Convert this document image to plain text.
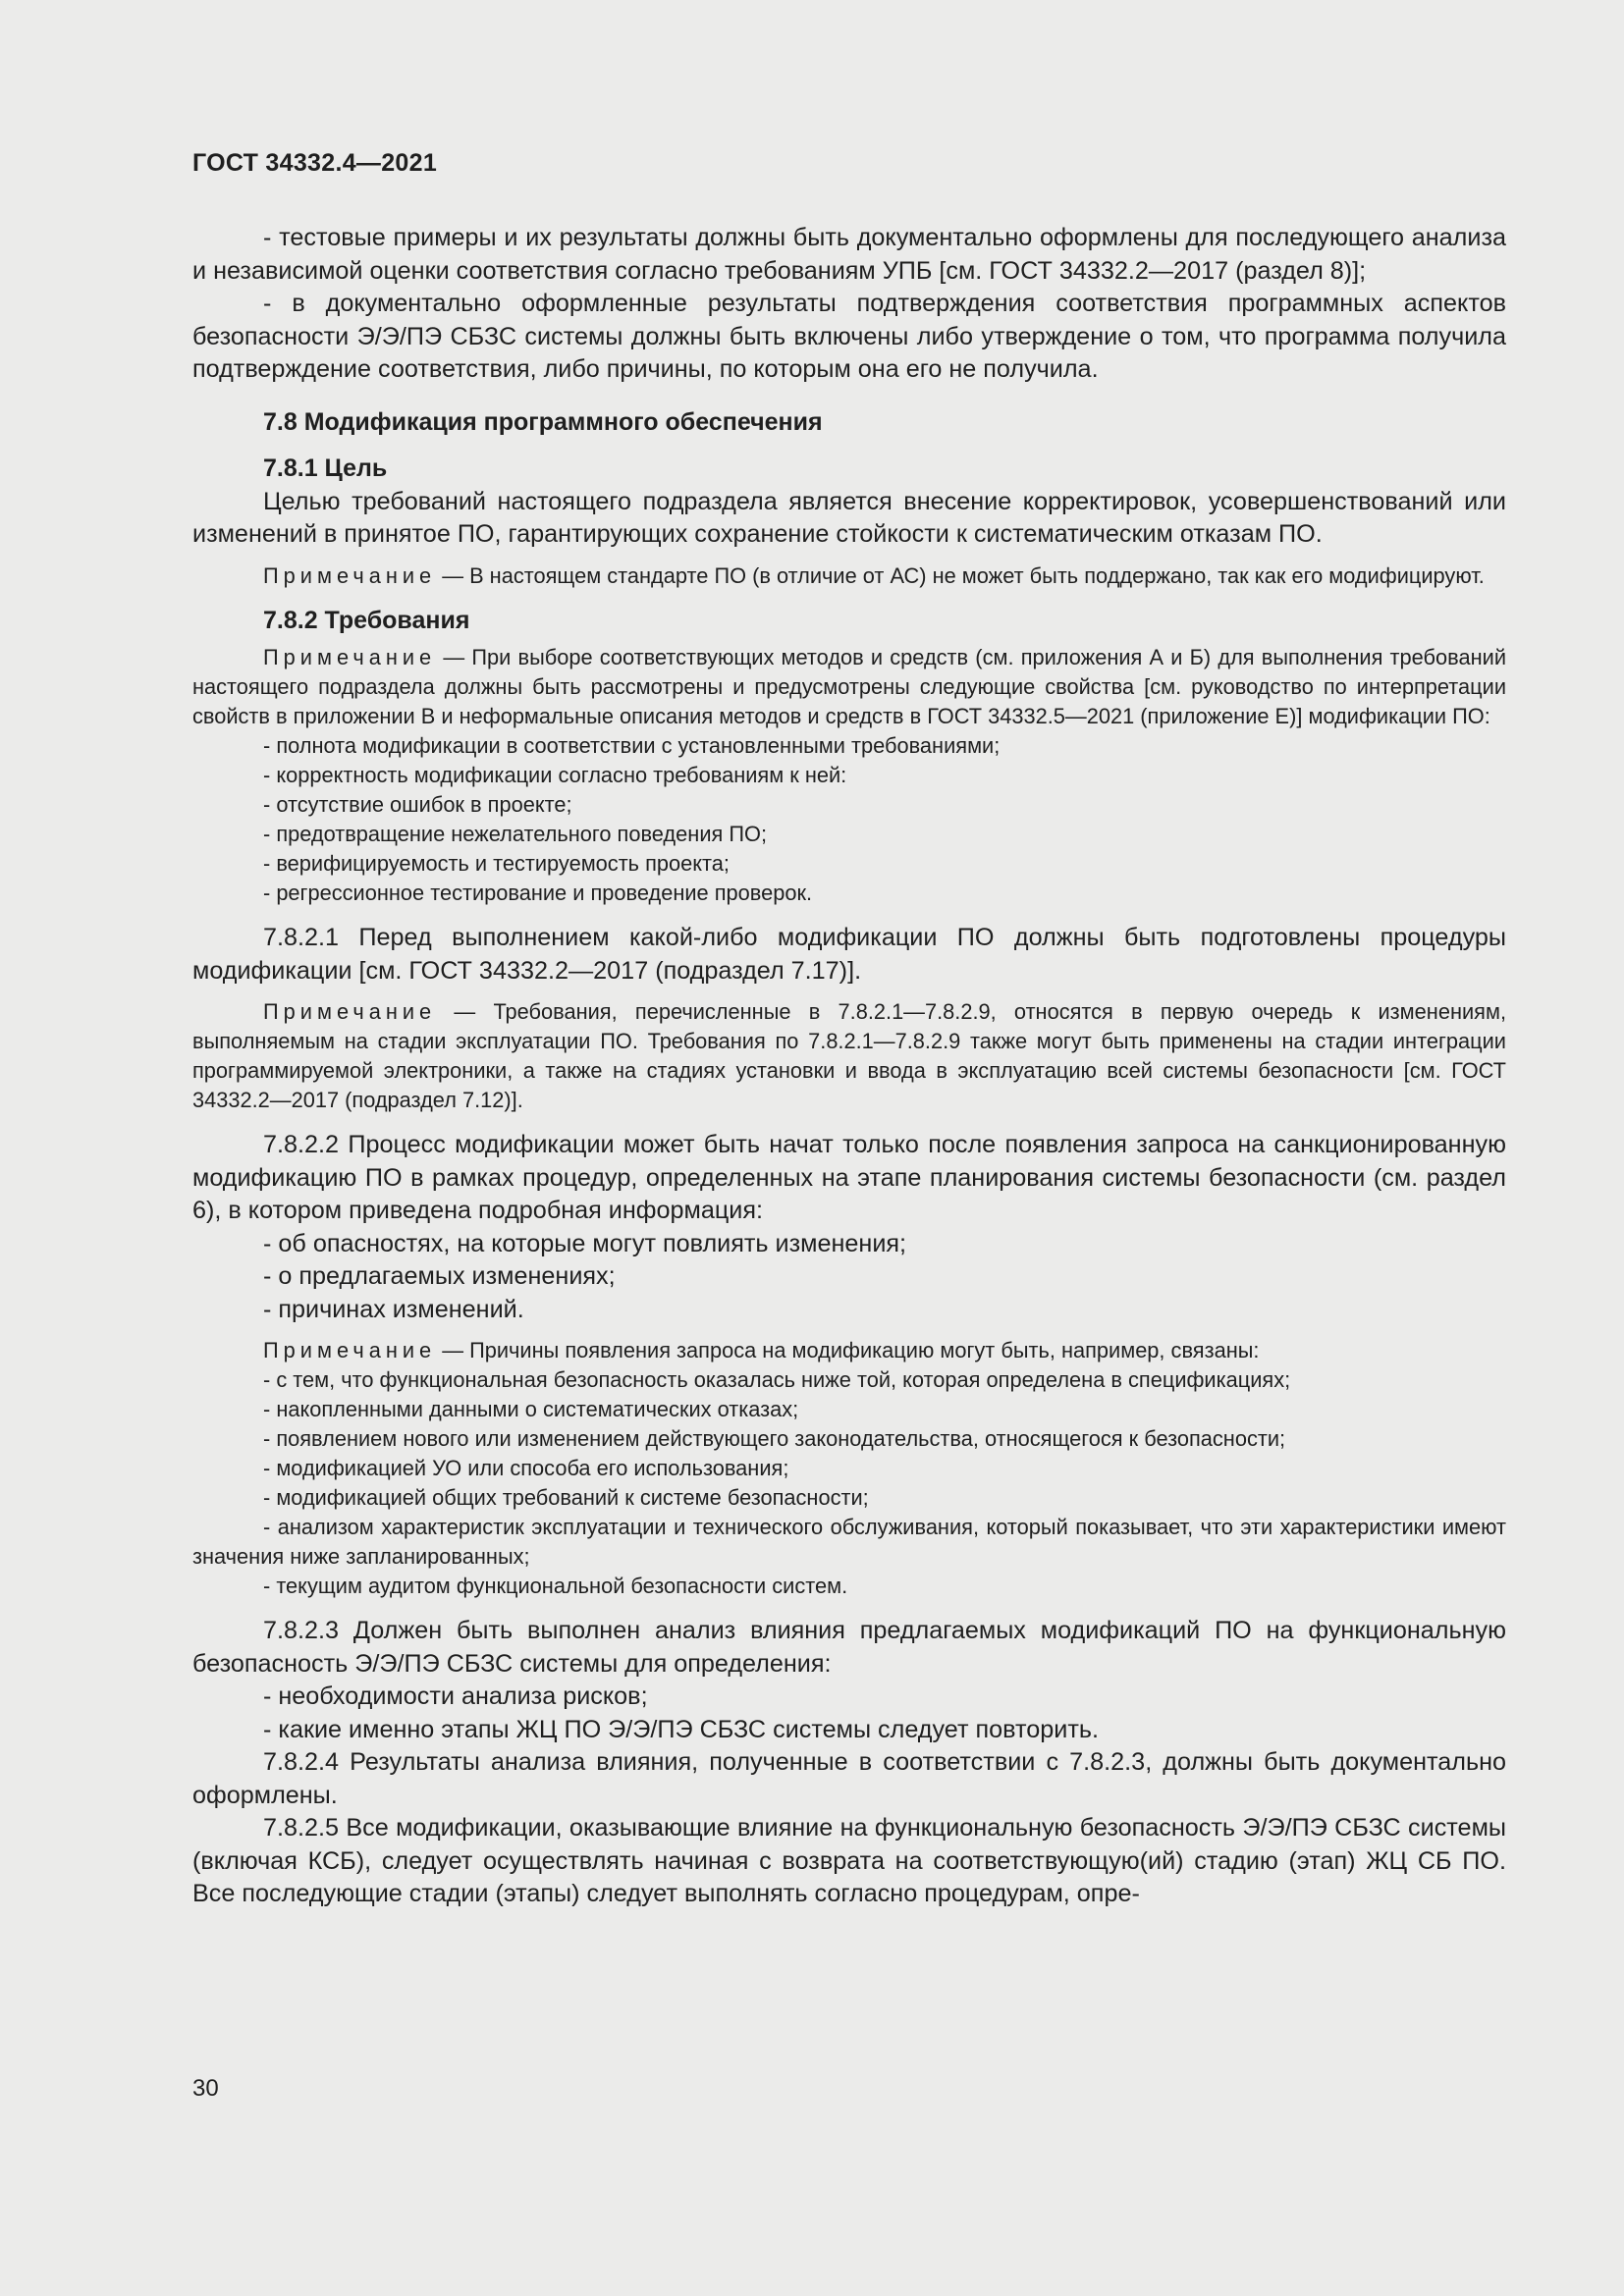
ГОСТ 34332.4—2021

- тестовые примеры и их результаты должны быть документально оформлены для последующего анализа и независимой оценки соответствия согласно требованиям УПБ [см. ГОСТ 34332.2—2017 (раздел 8)];

- в документально оформленные результаты подтверждения соответствия программных аспектов безопасности Э/Э/ПЭ СБЗС системы должны быть включены либо утверждение о том, что программа получила подтверждение соответствия, либо причины, по которым она его не получила.

7.8 Модификация программного обеспечения

7.8.1 Цель

Целью требований настоящего подраздела является внесение корректировок, усовершенствований или изменений в принятое ПО, гарантирующих сохранение стойкости к систематическим отказам ПО.

Примечание — В настоящем стандарте ПО (в отличие от АС) не может быть поддержано, так как его модифицируют.

7.8.2 Требования

Примечание — При выборе соответствующих методов и средств (см. приложения А и Б) для выполнения требований настоящего подраздела должны быть рассмотрены и предусмотрены следующие свойства [см. руководство по интерпретации свойств в приложении В и неформальные описания методов и средств в ГОСТ 34332.5—2021 (приложение Е)] модификации ПО:

- полнота модификации в соответствии с установленными требованиями;

- корректность модификации согласно требованиям к ней:

- отсутствие ошибок в проекте;

- предотвращение нежелательного поведения ПО;

- верифицируемость и тестируемость проекта;

- регрессионное тестирование и проведение проверок.

7.8.2.1 Перед выполнением какой-либо модификации ПО должны быть подготовлены процедуры модификации [см. ГОСТ 34332.2—2017 (подраздел 7.17)].

Примечание — Требования, перечисленные в 7.8.2.1—7.8.2.9, относятся в первую очередь к изменениям, выполняемым на стадии эксплуатации ПО. Требования по 7.8.2.1—7.8.2.9 также могут быть применены на стадии интеграции программируемой электроники, а также на стадиях установки и ввода в эксплуатацию всей системы безопасности [см. ГОСТ 34332.2—2017 (подраздел 7.12)].

7.8.2.2 Процесс модификации может быть начат только после появления запроса на санкционированную модификацию ПО в рамках процедур, определенных на этапе планирования системы безопасности (см. раздел 6), в котором приведена подробная информация:

- об опасностях, на которые могут повлиять изменения;

- о предлагаемых изменениях;

- причинах изменений.

Примечание — Причины появления запроса на модификацию могут быть, например, связаны:

- с тем, что функциональная безопасность оказалась ниже той, которая определена в спецификациях;

- накопленными данными о систематических отказах;

- появлением нового или изменением действующего законодательства, относящегося к безопасности;

- модификацией УО или способа его использования;

- модификацией общих требований к системе безопасности;

- анализом характеристик эксплуатации и технического обслуживания, который показывает, что эти характеристики имеют значения ниже запланированных;

- текущим аудитом функциональной безопасности систем.

7.8.2.3 Должен быть выполнен анализ влияния предлагаемых модификаций ПО на функциональную безопасность Э/Э/ПЭ СБЗС системы для определения:

- необходимости анализа рисков;

- какие именно этапы ЖЦ ПО Э/Э/ПЭ СБЗС системы следует повторить.

7.8.2.4 Результаты анализа влияния, полученные в соответствии с 7.8.2.3, должны быть документально оформлены.

7.8.2.5 Все модификации, оказывающие влияние на функциональную безопасность Э/Э/ПЭ СБЗС системы (включая КСБ), следует осуществлять начиная с возврата на соответствующую(ий) стадию (этап) ЖЦ СБ ПО. Все последующие стадии (этапы) следует выполнять согласно процедурам, опре-

30
